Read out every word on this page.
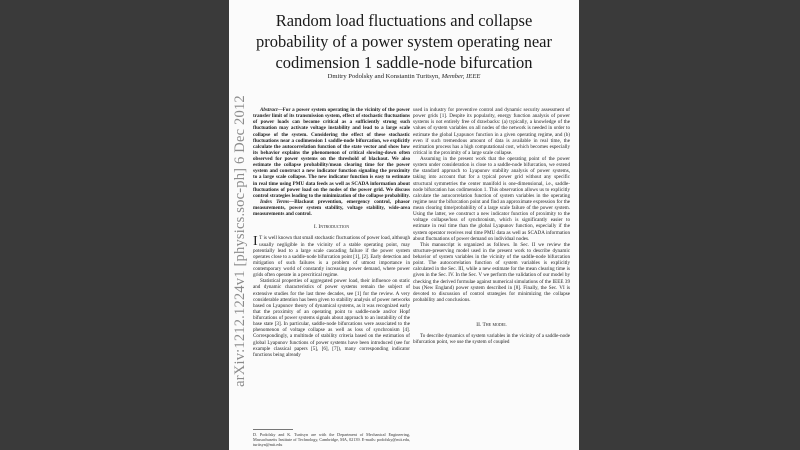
arXiv:1212.1224v1 [physics.soc-ph] 6 Dec 2012
Random load fluctuations and collapse probability of a power system operating near codimension 1 saddle-node bifurcation
Dmitry Podolsky and Konstantin Turitsyn, Member, IEEE

Abstract—For a power system operating in the vicinity of the power transfer limit of its transmission system, effect of stochastic fluctuations of power loads can become critical as a sufficiently strong such fluctuation may activate voltage instability and lead to a large scale collapse of the system. Considering the effect of these stochastic fluctuations near a codimension 1 saddle-node bifurcation, we explicitly calculate the autocorrelation function of the state vector and show how its behavior explains the phenomenon of critical slowing-down often observed for power systems on the threshold of blackout. We also estimate the collapse probability/mean clearing time for the power system and construct a new indicator function signaling the proximity to a large scale collapse. The new indicator function is easy to estimate in real time using PMU data feeds as well as SCADA information about fluctuations of power load on the nodes of the power grid. We discuss control strategies leading to the minimization of the collapse probability.

Index Terms—Blackout prevention, emergency control, phasor measurements, power system stability, voltage stability, wide-area measurements and control.

I. Introduction

I T is well known that small stochastic fluctuations of power load, although usually negligible in the vicinity of a stable operating point, may potentially lead to a large scale cascading failure if the power system operates close to a saddle-node bifurcation point [1], [2]. Early detection and mitigation of such failures is a problem of utmost importance in contemporary world of constantly increasing power demand, where power grids often operate in a precritical regime.

Statistical properties of aggregated power load, their influence on static and dynamic characteristics of power systems remain the subject of extensive studies for the last three decades, see [1] for the review. A very considerable attention has been given to stability analysis of power networks based on Lyapunov theory of dynamical systems, as it was recognized early that the proximity of an operating point to saddle-node and/or Hopf bifurcations of power systems signals about approach to an instability of the base state [3]. In particular, saddle-node bifurcations were associated to the phenomenon of voltage collapse as well as loss of synchronism [4]. Correspondingly, a multitude of stability criteria based on the estimation of global Lyapunov functions of power systems have been introduced (see for example classical papers [5], [6], [7]), many corresponding indicator functions being already

D. Podolsky and K. Turitsyn are with the Department of Mechanical Engineering, Massachusetts Institute of Technology, Cambridge, MA, 02139. E-mails: podolsky@mit.edu, turitsyn@mit.edu

used in industry for preventive control and dynamic security assessment of power grids [1]. Despite its popularity, energy function analysis of power systems is not entirely free of drawbacks: (a) typically, a knowledge of the values of system variables on all nodes of the network is needed in order to estimate the global Lyapunov function in a given operating regime, and (b) even if such tremendous amount of data is available in real time, the estimation process has a high computational cost, which becomes especially critical in the proximity of a large scale collapse.

Assuming in the present work that the operating point of the power system under consideration is close to a saddle-node bifurcation, we extend the standard approach to Lyapunov stability analysis of power systems, taking into account that for a typical power grid without any specific structural symmetries the center manifold is one-dimensional, i.e., saddle-node bifurcation has codimension 1. This observation allows us to explicitly calculate the autocorrelation function of system variables in the operating regime near the bifurcation point and find an approximate expression for the mean clearing time/probability of a large scale failure of the power system. Using the latter, we construct a new indicator function of proximity to the voltage collapse/loss of synchronism, which is significantly easier to estimate in real time than the global Lyapunov function, especially if the system operator receives real time PMU data as well as SCADA information about fluctuations of power demand on individual nodes.

This manuscript is organized as follows. In Sec. II we review the structure-preserving model used in the present work to describe dynamic behavior of system variables in the vicinity of the saddle-node bifurcation point. The autocorrelation function of system variables is explicitly calculated in the Sec. III, while a new estimate for the mean clearing time is given in the Sec. IV. In the Sec. V we perform the validation of our model by checking the derived formulae against numerical simulations of the IEEE 39 bus (New England) power system described in [8]. Finally, the Sec. VI is devoted to discussion of control strategies for minimizing the collapse probability and conclusions.

II. The model

To describe dynamics of system variables in the vicinity of a saddle-node bifurcation point, we use the system of coupled
